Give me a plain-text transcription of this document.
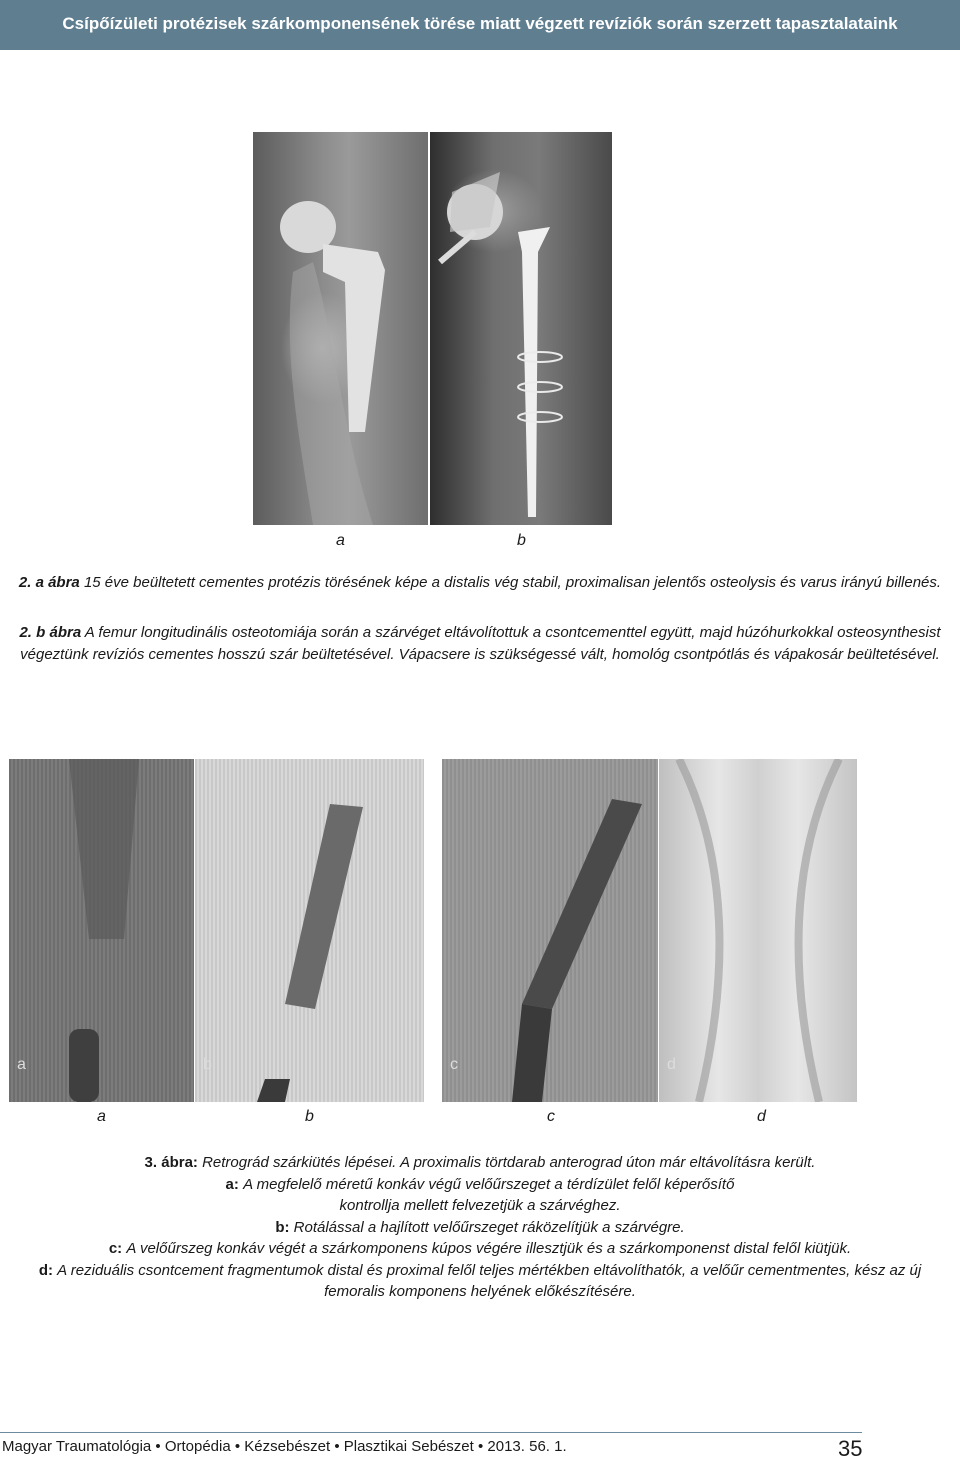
Csípőízületi protézisek szárkomponensének törése miatt végzett revíziók során szerzett tapasztalataink
a	b
2. a ábra 15 éve beültetett cementes protézis törésének képe a distalis vég stabil, proximalisan jelentős osteolysis és varus irányú billenés.
2. b ábra A femur longitudinális osteotomiája során a szárvéget eltávolítottuk a csontcementtel együtt, majd húzóhurkokkal osteosynthesist végeztünk revíziós cementes hosszú szár beültetésével. Vápacsere is szükségessé vált, homológ csontpótlás és vápakosár beültetésével.
a	b	c	d
a	b	c	d
3. ábra: Retrográd szárkiütés lépései. A proximalis törtdarab anterograd úton már eltávolításra került.
a: A megfelelő méretű konkáv végű velőűrszeget a térdízület felől képerősítő kontrollja mellett felvezetjük a szárvéghez.
b: Rotálással a hajlított velőűrszeget ráközelítjük a szárvégre.
c: A velőűrszeg konkáv végét a szárkomponens kúpos végére illesztjük és a szárkomponenst distal felől kiütjük.
d: A reziduális csontcement fragmentumok distal és proximal felől teljes mértékben eltávolíthatók, a velőűr cementmentes, kész az új femoralis komponens helyének előkészítésére.
Magyar Traumatológia • Ortopédia • Kézsebészet • Plasztikai Sebészet • 2013. 56. 1.	35
